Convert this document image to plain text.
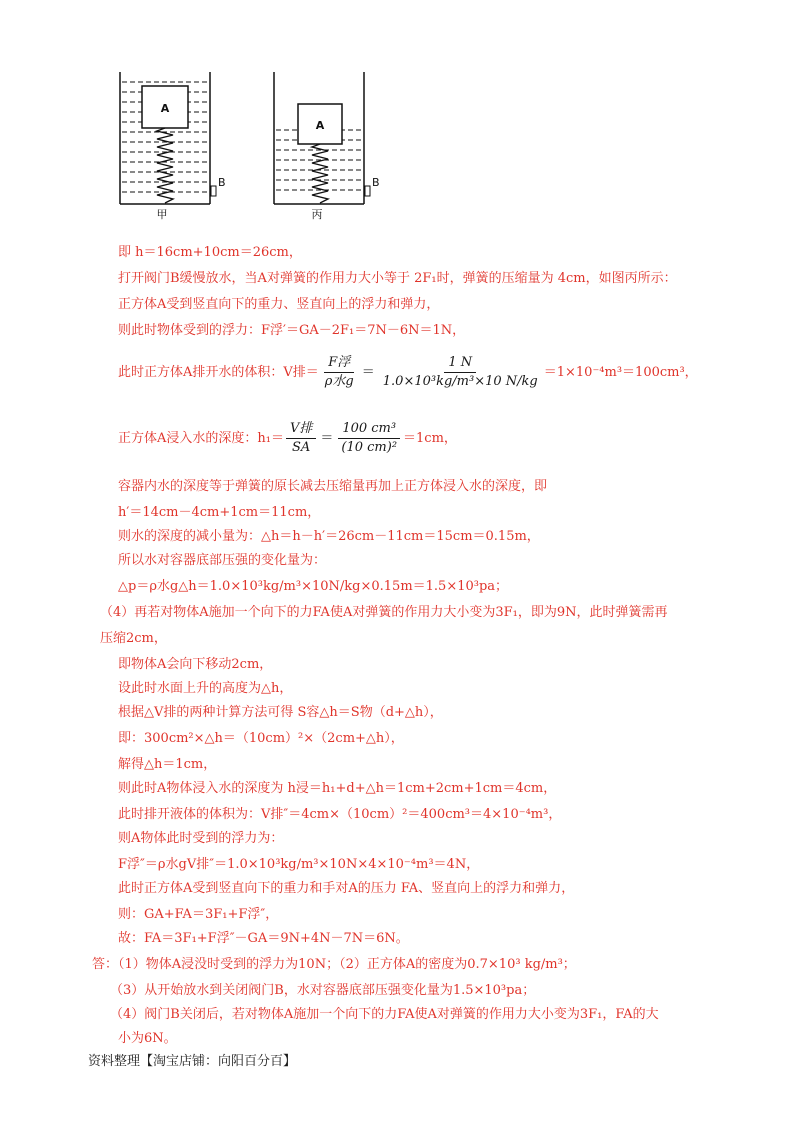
A
B
甲
A
B
丙
即 h＝16cm+10cm＝26cm，
打开阀门B缓慢放水，当A对弹簧的作用力大小等于 2F₁时，弹簧的压缩量为 4cm，如图丙所示：
正方体A受到竖直向下的重力、竖直向上的浮力和弹力，
则此时物体受到的浮力：F浮′＝GA－2F₁＝7N－6N＝1N，
此时正方体A排开水的体积：V排＝ $\frac{\text{F浮}}{\text{ρ水g}} = \frac{1 N}{\text{1.0×10³kg/m³×10 N/kg}} =1\times 10^{-4}m^3=100cm^3$，
正方体A浸入水的深度：$h_1= \frac{\text{V排}}{SA} = \frac{\text{100 cm³}}{\text{(10 cm)²}} =1cm$，
容器内水的深度等于弹簧的原长减去压缩量再加上正方体浸入水的深度，即
h′＝14cm－4cm+1cm＝11cm，
则水的深度的减小量为：△h＝h－h′＝26cm－11cm＝15cm＝0.15m，
所以水对容器底部压强的变化量为：
△p＝ρ水g△h＝1.0×10³kg/m³×10N/kg×0.15m＝1.5×10³pa；
（4）再若对物体A施加一个向下的力FA使A对弹簧的作用力大小变为3F₁，即为9N，此时弹簧需再
压缩2cm，
即物体A会向下移动2cm，
设此时水面上升的高度为△h，
根据△V排的两种计算方法可得 S容△h＝S物（d+△h），
即：300cm²×△h＝（10cm）²×（2cm+△h），
解得△h＝1cm，
则此时A物体浸入水的深度为 h浸＝h₁+d+△h＝1cm+2cm+1cm＝4cm，
此时排开液体的体积为：V排″＝4cm×（10cm）²＝400cm³＝4×10⁻⁴m³，
则A物体此时受到的浮力为：
F浮″＝ρ水gV排″＝1.0×10³kg/m³×10N×4×10⁻⁴m³＝4N，
此时正方体A受到竖直向下的重力和手对A的压力 FA、竖直向上的浮力和弹力，
则：GA+FA＝3F₁+F浮″，
故：FA＝3F₁+F浮″－GA＝9N+4N－7N＝6N。
答：（1）物体A浸没时受到的浮力为10N；（2）正方体A的密度为0.7×10³ kg/m³；
（3）从开始放水到关闭阀门B，水对容器底部压强变化量为1.5×10³pa；
（4）阀门B关闭后，若对物体A施加一个向下的力FA使A对弹簧的作用力大小变为3F₁，FA的大
小为6N。
资料整理【淘宝店铺：向阳百分百】
